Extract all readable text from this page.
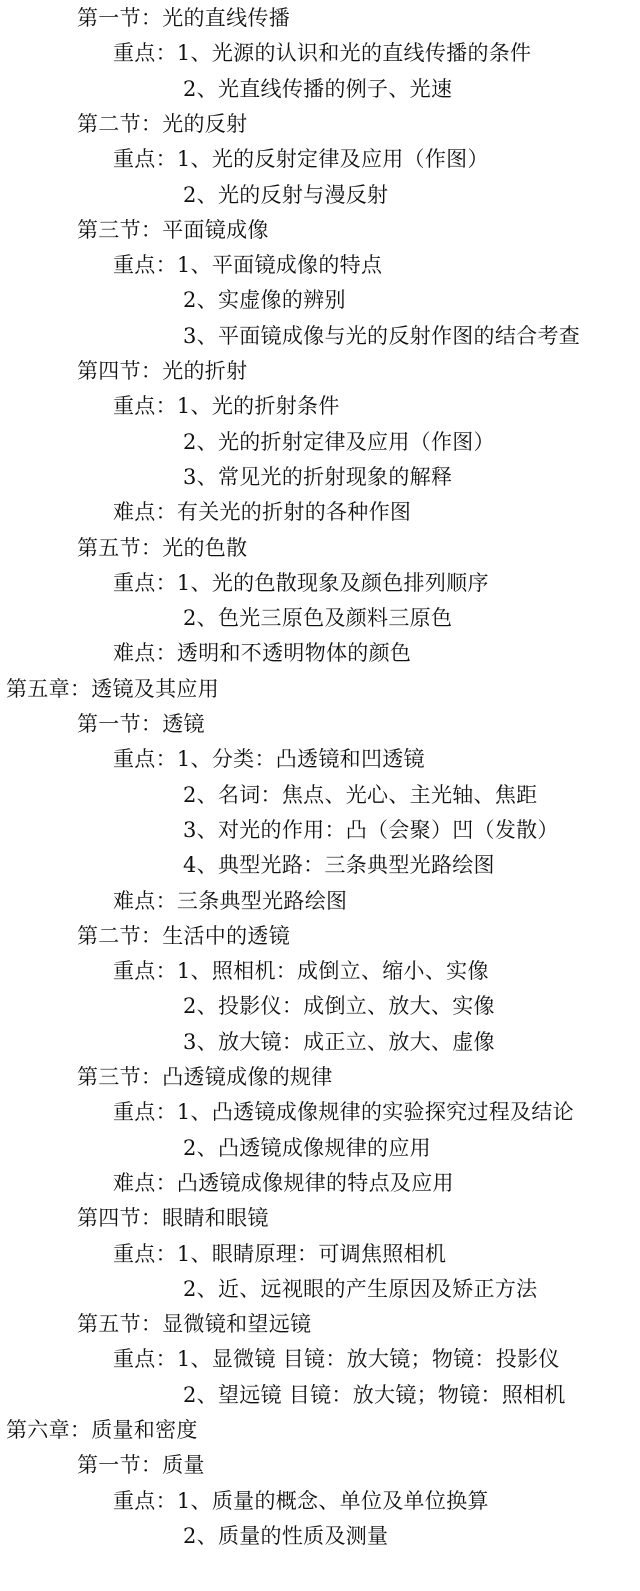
第一节：光的直线传播
重点：1、光源的认识和光的直线传播的条件
2、光直线传播的例子、光速
第二节：光的反射
重点：1、光的反射定律及应用（作图）
2、光的反射与漫反射
第三节：平面镜成像
重点：1、平面镜成像的特点
2、实虚像的辨别
3、平面镜成像与光的反射作图的结合考查
第四节：光的折射
重点：1、光的折射条件
2、光的折射定律及应用（作图）
3、常见光的折射现象的解释
难点：有关光的折射的各种作图
第五节：光的色散
重点：1、光的色散现象及颜色排列顺序
2、色光三原色及颜料三原色
难点：透明和不透明物体的颜色
第五章：透镜及其应用
第一节：透镜
重点：1、分类：凸透镜和凹透镜
2、名词：焦点、光心、主光轴、焦距
3、对光的作用：凸（会聚）凹（发散）
4、典型光路：三条典型光路绘图
难点：三条典型光路绘图
第二节：生活中的透镜
重点：1、照相机：成倒立、缩小、实像
2、投影仪：成倒立、放大、实像
3、放大镜：成正立、放大、虚像
第三节：凸透镜成像的规律
重点：1、凸透镜成像规律的实验探究过程及结论
2、凸透镜成像规律的应用
难点：凸透镜成像规律的特点及应用
第四节：眼睛和眼镜
重点：1、眼睛原理：可调焦照相机
2、近、远视眼的产生原因及矫正方法
第五节：显微镜和望远镜
重点：1、显微镜 目镜：放大镜；物镜：投影仪
2、望远镜 目镜：放大镜；物镜：照相机
第六章：质量和密度
第一节：质量
重点：1、质量的概念、单位及单位换算
2、质量的性质及测量
